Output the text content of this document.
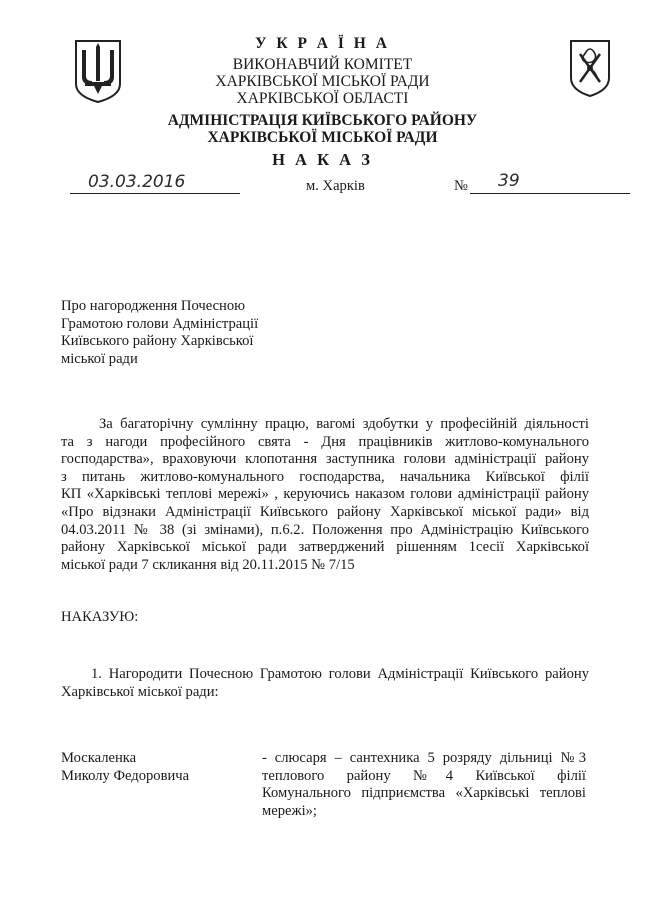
У К Р А Ї Н А
ВИКОНАВЧИЙ КОМІТЕТ
ХАРКІВСЬКОЇ МІСЬКОЇ РАДИ
ХАРКІВСЬКОЇ ОБЛАСТІ
АДМІНІСТРАЦІЯ КИЇВСЬКОГО РАЙОНУ
ХАРКІВСЬКОЇ МІСЬКОЇ РАДИ
Н А К А З
03.03.2016	м. Харків	№ 39
Про нагородження Почесною
Грамотою голови Адміністрації
Київського району Харківської
міської ради

За багаторічну сумлінну працю, вагомі здобутки у професійній діяльності

та з нагоди професійного свята - Дня працівників житлово-комунального

господарства», враховуючи клопотання заступника голови адміністрації району

з питань житлово-комунального господарства, начальника Київської філії

КП «Харківські теплові мережі» , керуючись наказом голови адміністрації району

«Про відзнаки Адміністрації Київського району Харківської міської ради» від

04.03.2011 № 38 (зі змінами), п.6.2. Положення про Адміністрацію Київського

району Харківської міської ради затверджений рішенням 1сесії Харківської

міської ради 7 скликання від 20.11.2015 № 7/15

НАКАЗУЮ:

1. Нагородити Почесною Грамотою голови Адміністрації Київського району

Харківської міської ради:

Москаленка
Миколу Федоровича

- слюсаря – сантехника 5 розряду дільниці №3

теплового району №4 Київської філії

Комунального підприємства «Харківські теплові

мережі»;
